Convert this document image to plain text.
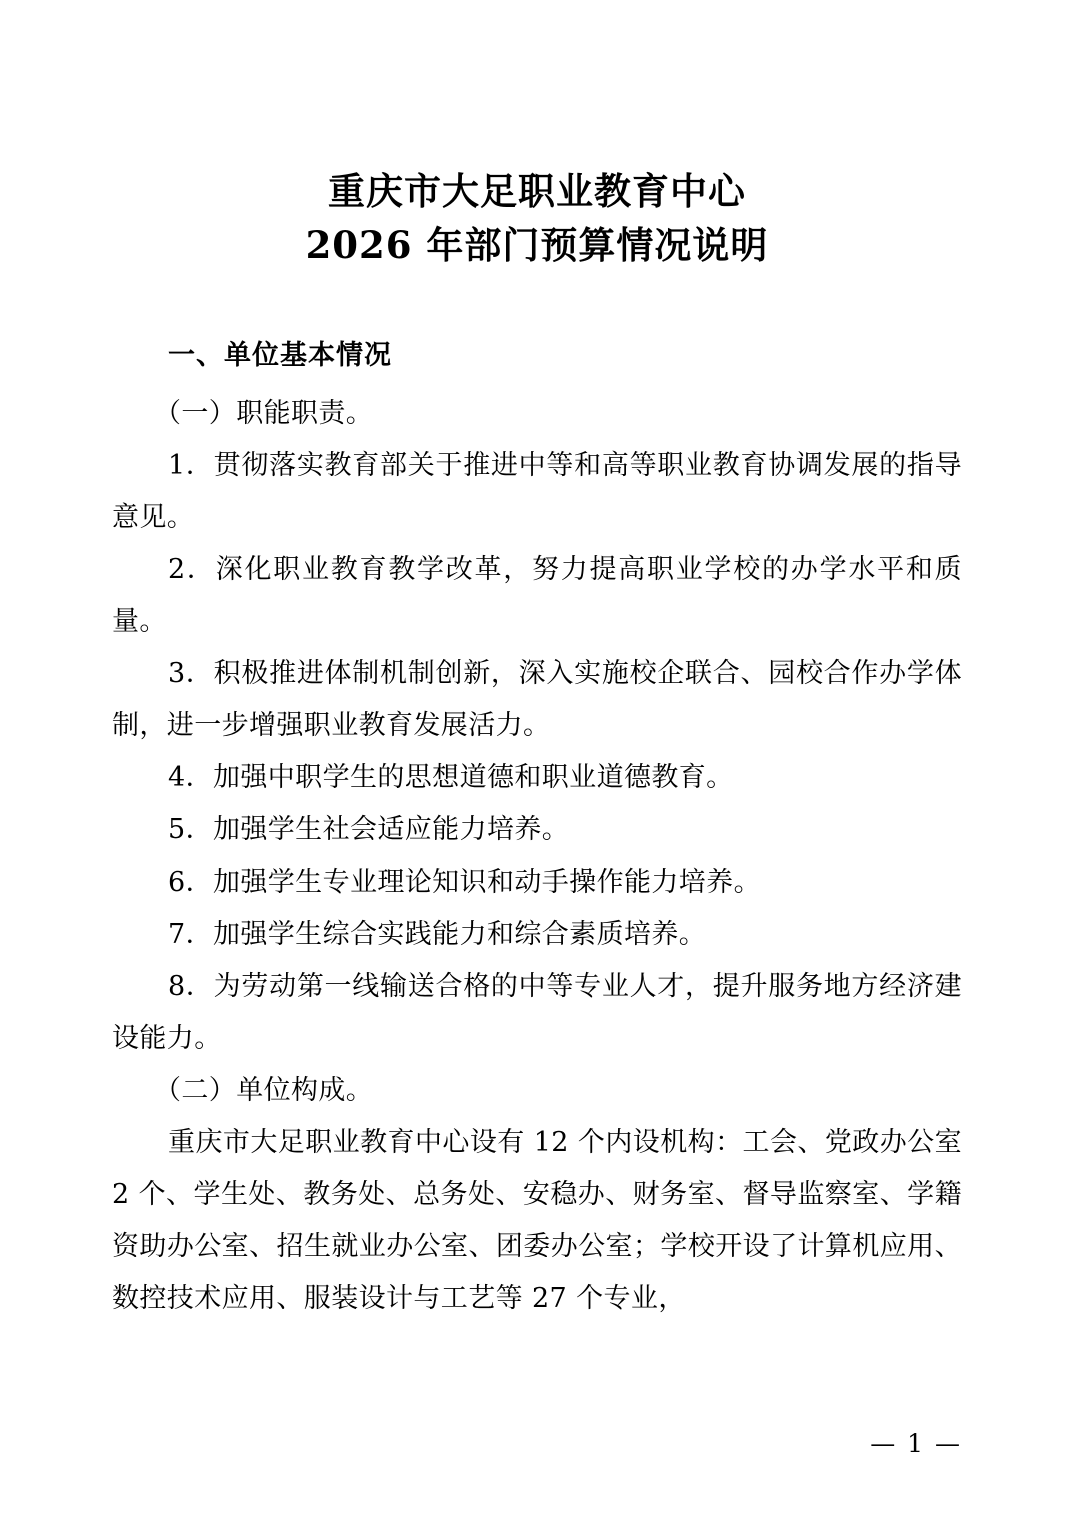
重庆市大足职业教育中心
2026 年部门预算情况说明
一、单位基本情况

（一）职能职责。

1．贯彻落实教育部关于推进中等和高等职业教育协调发展的指导意见。

2．深化职业教育教学改革，努力提高职业学校的办学水平和质量。

3．积极推进体制机制创新，深入实施校企联合、园校合作办学体制，进一步增强职业教育发展活力。

4．加强中职学生的思想道德和职业道德教育。

5．加强学生社会适应能力培养。

6．加强学生专业理论知识和动手操作能力培养。

7．加强学生综合实践能力和综合素质培养。

8．为劳动第一线输送合格的中等专业人才，提升服务地方经济建设能力。

（二）单位构成。

重庆市大足职业教育中心设有 12 个内设机构：工会、党政办公室 2 个、学生处、教务处、总务处、安稳办、财务室、督导监察室、学籍资助办公室、招生就业办公室、团委办公室；学校开设了计算机应用、数控技术应用、服装设计与工艺等 27 个专业，

— 1 —
